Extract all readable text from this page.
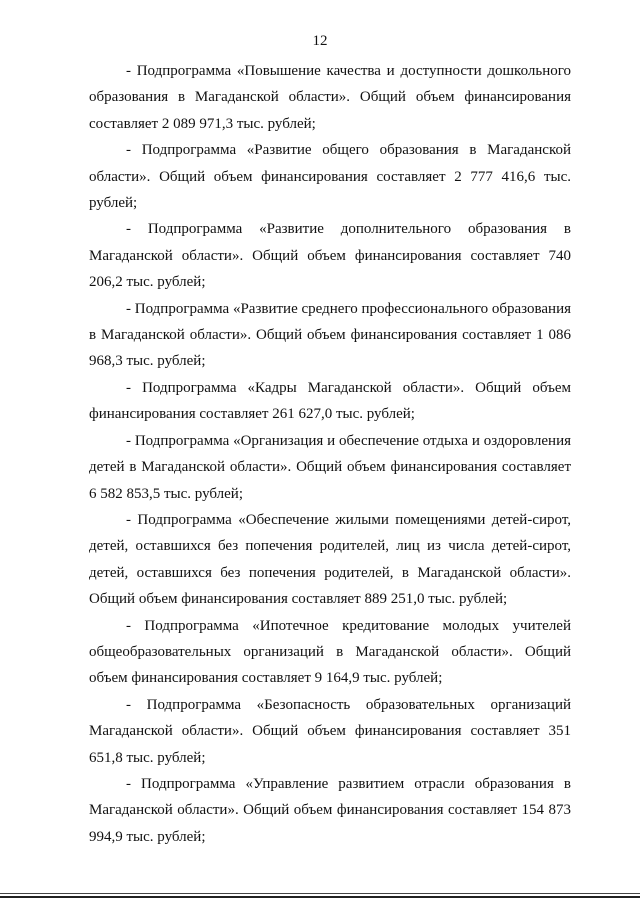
12

- Подпрограмма «Повышение качества и доступности дошкольного образования в Магаданской области». Общий объем финансирования составляет 2 089 971,3 тыс. рублей;

- Подпрограмма «Развитие общего образования в Магаданской области». Общий объем финансирования составляет 2 777 416,6 тыс. рублей;

- Подпрограмма «Развитие дополнительного образования в Магаданской области». Общий объем финансирования составляет 740 206,2 тыс. рублей;

- Подпрограмма «Развитие среднего профессионального образования в Магаданской области». Общий объем финансирования составляет 1 086 968,3 тыс. рублей;

- Подпрограмма «Кадры Магаданской области». Общий объем финансирования составляет 261 627,0 тыс. рублей;

- Подпрограмма «Организация и обеспечение отдыха и оздоровления детей в Магаданской области». Общий объем финансирования составляет 6 582 853,5 тыс. рублей;

- Подпрограмма «Обеспечение жилыми помещениями детей-сирот, детей, оставшихся без попечения родителей, лиц из числа детей-сирот, детей, оставшихся без попечения родителей, в Магаданской области». Общий объем финансирования составляет 889 251,0 тыс. рублей;

- Подпрограмма «Ипотечное кредитование молодых учителей общеобразовательных организаций в Магаданской области». Общий объем финансирования составляет 9 164,9 тыс. рублей;

- Подпрограмма «Безопасность образовательных организаций Магаданской области». Общий объем финансирования составляет 351 651,8 тыс. рублей;

- Подпрограмма «Управление развитием отрасли образования в Магаданской области». Общий объем финансирования составляет 154 873 994,9 тыс. рублей;
